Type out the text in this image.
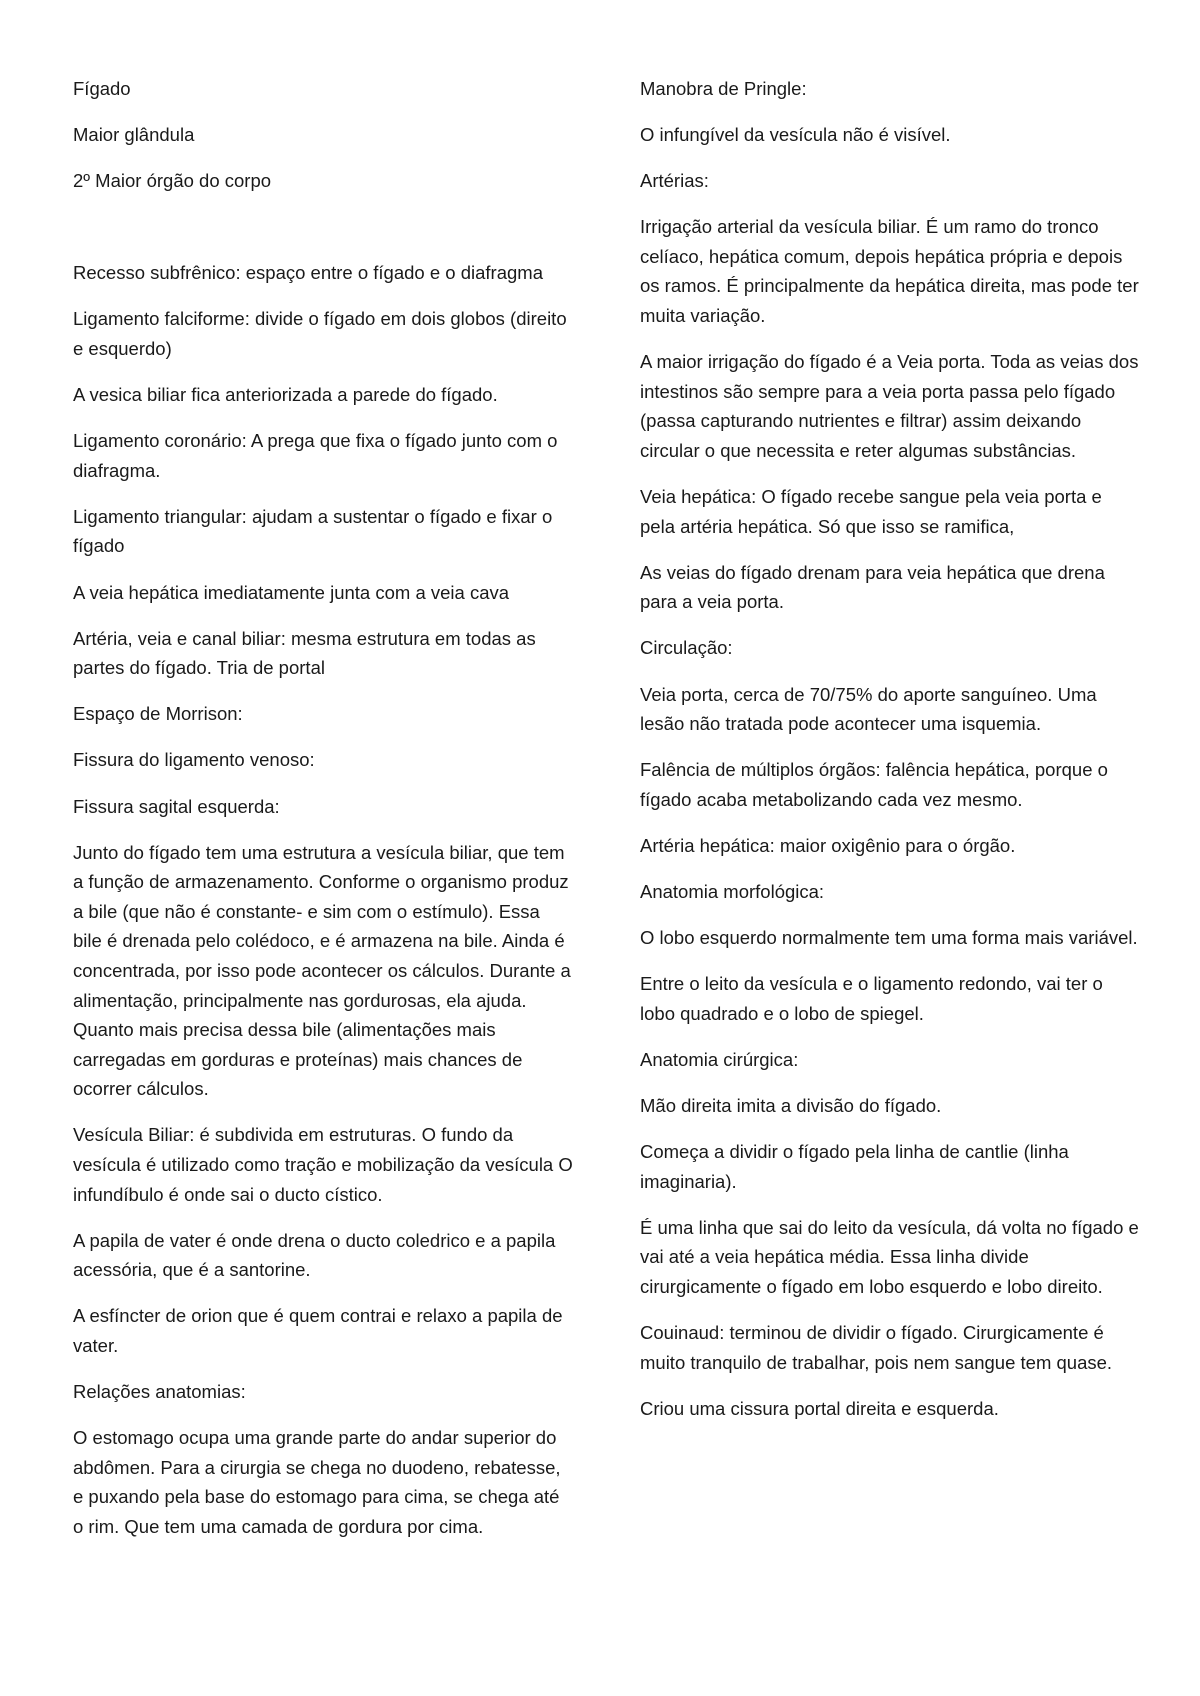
Fígado

Maior glândula

2º Maior órgão do corpo

Recesso subfrênico: espaço entre o fígado e o diafragma

Ligamento falciforme: divide o fígado em dois globos (direito e esquerdo)

A vesica biliar fica anteriorizada a parede do fígado.

Ligamento coronário: A prega que fixa o fígado junto com o diafragma.

Ligamento triangular: ajudam a sustentar o fígado e fixar o fígado

A veia hepática imediatamente junta com a veia cava

Artéria, veia e canal biliar: mesma estrutura em todas as partes do fígado. Tria de portal

Espaço de Morrison:

Fissura do ligamento venoso:

Fissura sagital esquerda:

Junto do fígado tem uma estrutura a vesícula biliar, que tem a função de armazenamento. Conforme o organismo produz a bile (que não é constante- e sim com o estímulo). Essa bile é drenada pelo colédoco, e é armazena na bile. Ainda é concentrada, por isso pode acontecer os cálculos. Durante a alimentação, principalmente nas gordurosas, ela ajuda. Quanto mais precisa dessa bile (alimentações mais carregadas em gorduras e proteínas) mais chances de ocorrer cálculos.

Vesícula Biliar: é subdivida em estruturas. O fundo da vesícula é utilizado como tração e mobilização da vesícula O infundíbulo é onde sai o ducto cístico.

A papila de vater é onde drena o ducto coledrico e a papila acessória, que é a santorine.

A esfíncter de orion que é quem contrai e relaxo a papila de vater.

Relações anatomias:

O estomago ocupa uma grande parte do andar superior do abdômen. Para a cirurgia se chega no duodeno, rebatesse, e puxando pela base do estomago para cima, se chega até o rim. Que tem uma camada de gordura por cima.

Manobra de Pringle:

O infungível da vesícula não é visível.

Artérias:

Irrigação arterial da vesícula biliar. É um ramo do tronco celíaco, hepática comum, depois hepática própria e depois os ramos. É principalmente da hepática direita, mas pode ter muita variação.

A maior irrigação do fígado é a Veia porta. Toda as veias dos intestinos são sempre para a veia porta passa pelo fígado (passa capturando nutrientes e filtrar) assim deixando circular o que necessita e reter algumas substâncias.

Veia hepática: O fígado recebe sangue pela veia porta e pela artéria hepática. Só que isso se ramifica,

As veias do fígado drenam para veia hepática que drena para a veia porta.

Circulação:

Veia porta, cerca de 70/75% do aporte sanguíneo. Uma lesão não tratada pode acontecer uma isquemia.

Falência de múltiplos órgãos: falência hepática, porque o fígado acaba metabolizando cada vez mesmo.

Artéria hepática: maior oxigênio para o órgão.

Anatomia morfológica:

O lobo esquerdo normalmente tem uma forma mais variável.

Entre o leito da vesícula e o ligamento redondo, vai ter o lobo quadrado e o lobo de spiegel.

Anatomia cirúrgica:

Mão direita imita a divisão do fígado.

Começa a dividir o fígado pela linha de cantlie (linha imaginaria).

É uma linha que sai do leito da vesícula, dá volta no fígado e vai até a veia hepática média. Essa linha divide cirurgicamente o fígado em lobo esquerdo e lobo direito.

Couinaud: terminou de dividir o fígado. Cirurgicamente é muito tranquilo de trabalhar, pois nem sangue tem quase.

Criou uma cissura portal direita e esquerda.
